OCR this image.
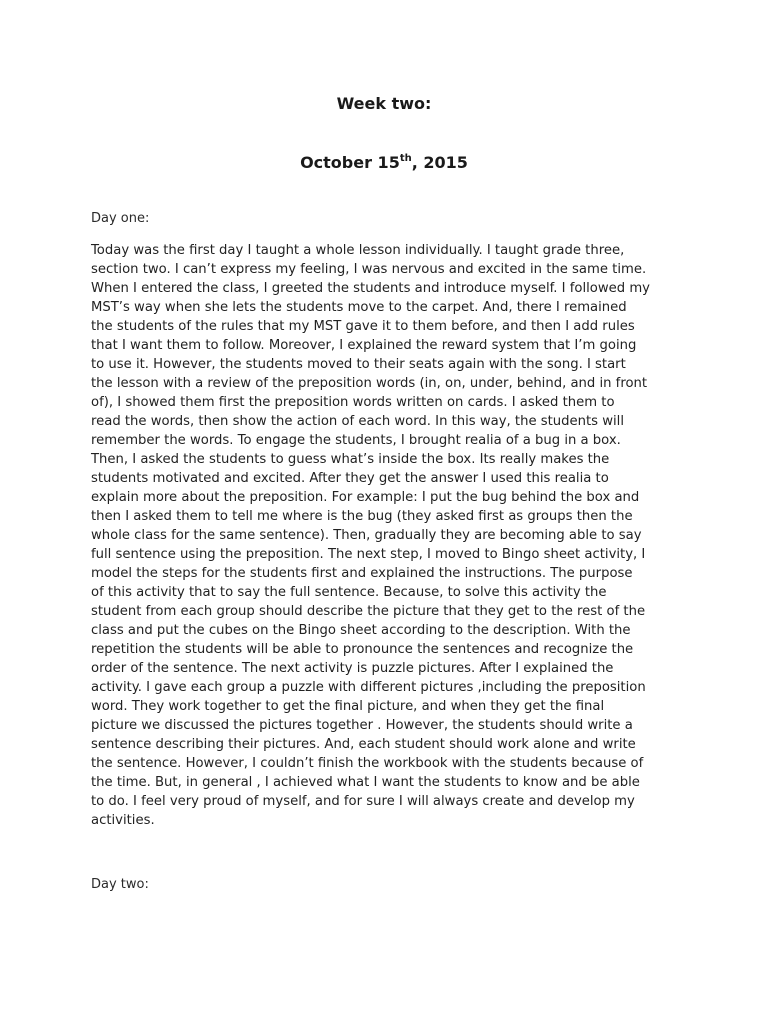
Week two:

October 15th, 2015

Day one:

Today was the first day I taught a whole lesson individually. I taught grade three,
section two. I can’t express my feeling, I was nervous and excited in the same time.
When I entered the class, I greeted the students and introduce myself. I followed my
MST’s way when she lets the students move to the carpet. And, there I remained
the students of the rules that my MST gave it to them before, and then I add rules
that I want them to follow. Moreover, I explained the reward system that I’m going
to use it. However, the students moved to their seats again with the song. I start
the lesson with a review of the preposition words (in, on, under, behind, and in front
of), I showed them first the preposition words written on cards. I asked them to
read the words, then show the action of each word. In this way, the students will
remember the words. To engage the students, I brought realia of a bug in a box.
Then, I asked the students to guess what’s inside the box. Its really makes the
students motivated and excited. After they get the answer I used this realia to
explain more about the preposition. For example: I put the bug behind the box and
then I asked them to tell me where is the bug (they asked first as groups then the
whole class for the same sentence). Then, gradually they are becoming able to say
full sentence using the preposition. The next step, I moved to Bingo sheet activity, I
model the steps for the students first and explained the instructions. The purpose
of this activity that to say the full sentence. Because, to solve this activity the
student from each group should describe the picture that they get to the rest of the
class and put the cubes on the Bingo sheet according to the description. With the
repetition the students will be able to pronounce the sentences and recognize the
order of the sentence. The next activity is puzzle pictures. After I explained the
activity. I gave each group a puzzle with different pictures ,including the preposition
word. They work together to get the final picture, and when they get the final
picture we discussed the pictures together . However, the students should write a
sentence describing their pictures. And, each student should work alone and write
the sentence. However, I couldn’t finish the workbook with the students because of
the time. But, in general , I achieved what I want the students to know and be able
to do. I feel very proud of myself, and for sure I will always create and develop my
activities.

Day two:
